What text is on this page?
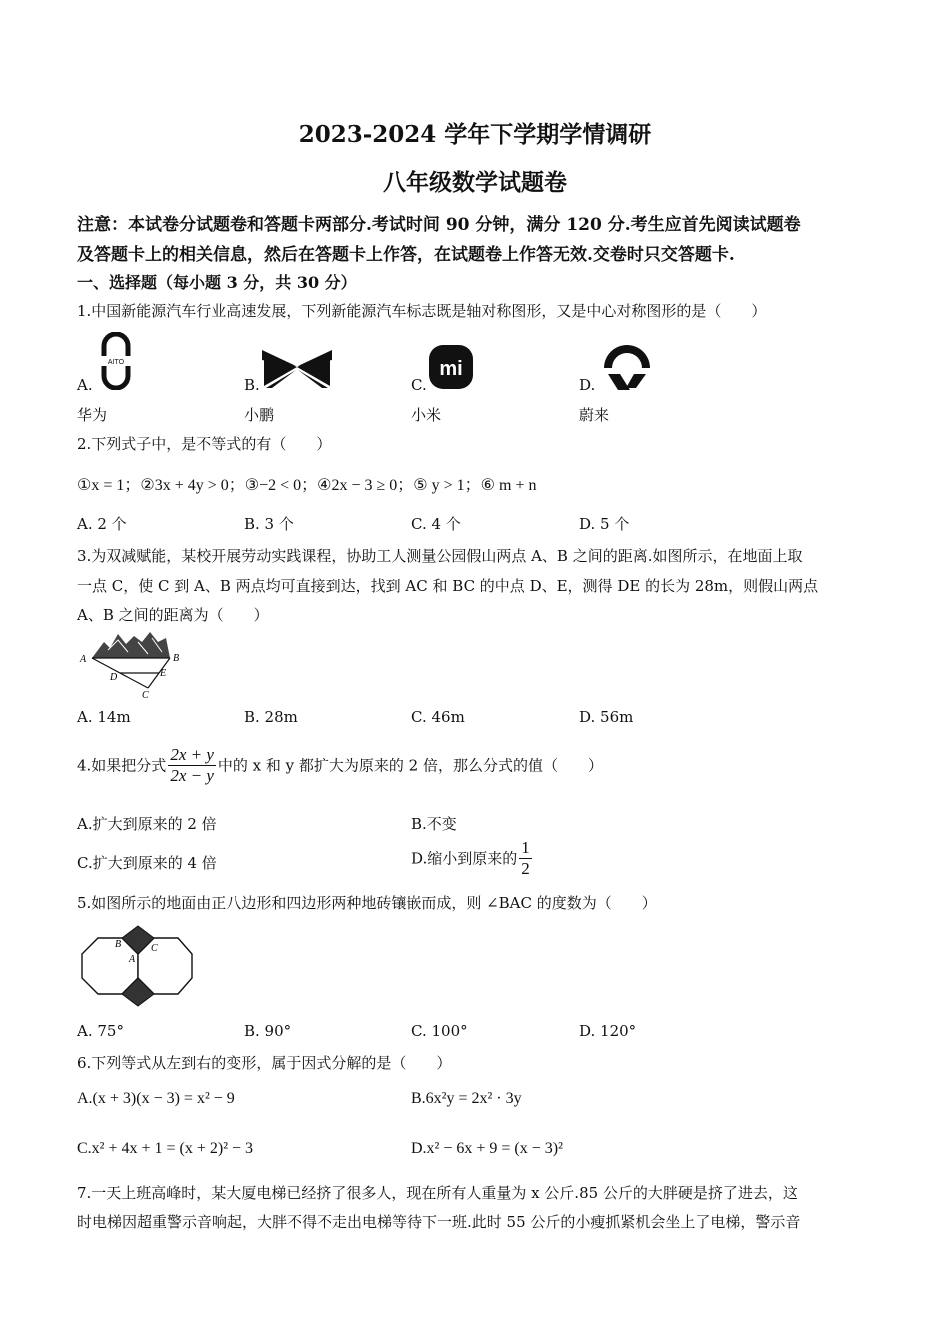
2023-2024 学年下学期学情调研
八年级数学试题卷
注意：本试卷分试题卷和答题卡两部分.考试时间 90 分钟，满分 120 分.考生应首先阅读试题卷
及答题卡上的相关信息，然后在答题卡上作答，在试题卷上作答无效.交卷时只交答题卡.
一、选择题（每小题 3 分，共 30 分）
1.中国新能源汽车行业高速发展，下列新能源汽车标志既是轴对称图形，又是中心对称图形的是（　　）
AITO	mi
A.	B.	C.	D.
华为	小鹏	小米	蔚来
2.下列式子中，是不等式的有（　　）
①x = 1；②3x + 4y > 0；③−2 < 0；④2x − 3 ≥ 0；⑤ y > 1；⑥ m + n
A. 2 个	B. 3 个	C. 4 个	D. 5 个
3.为双减赋能，某校开展劳动实践课程，协助工人测量公园假山两点 A、B 之间的距离.如图所示，在地面上取
一点 C，使 C 到 A、B 两点均可直接到达，找到 AC 和 BC 的中点 D、E，测得 DE 的长为 28m，则假山两点
A、B 之间的距离为（　　）
A	B
D	E
C
A. 14m	B. 28m	C. 46m	D. 56m
4.如果把分式 $\frac{2x + y}{2x - y}$ 中的 x 和 y 都扩大为原来的 2 倍，那么分式的值（　　）
A.扩大到原来的 2 倍	B.不变
C.扩大到原来的 4 倍	D.缩小到原来的 $\frac{1}{2}$
5.如图所示的地面由正八边形和四边形两种地砖镶嵌而成，则 ∠BAC 的度数为（　　）
B	C
A
A. 75°	B. 90°	C. 100°	D. 120°
6.下列等式从左到右的变形，属于因式分解的是（　　）
A.(x + 3)(x − 3) = x² − 9	B.6x²y = 2x² · 3y
C.x² + 4x + 1 = (x + 2)² − 3	D.x² − 6x + 9 = (x − 3)²
7.一天上班高峰时，某大厦电梯已经挤了很多人，现在所有人重量为 x 公斤.85 公斤的大胖硬是挤了进去，这
时电梯因超重警示音响起，大胖不得不走出电梯等待下一班.此时 55 公斤的小瘦抓紧机会坐上了电梯，警示音
